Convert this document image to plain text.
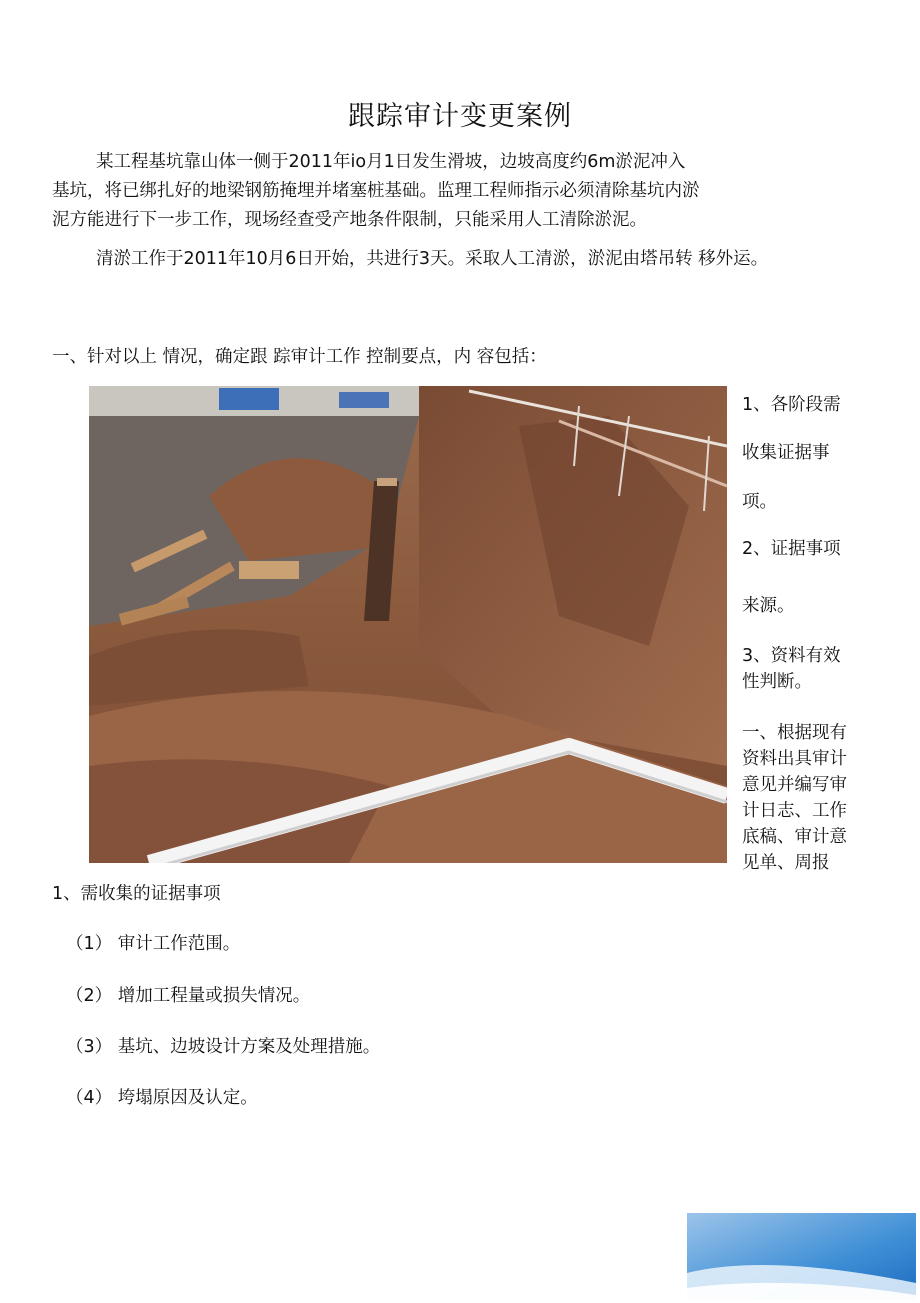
跟踪审计变更案例
某工程基坑靠山体一侧于2011年io月1日发生滑坡，边坡高度约6m淤泥冲入
基坑，将已绑扎好的地梁钢筋掩埋并堵塞桩基础。监理工程师指示必须清除基坑内淤
泥方能进行下一步工作，现场经查受产地条件限制，只能采用人工清除淤泥。
清淤工作于2011年10月6日开始，共进行3天。采取人工清淤，淤泥由塔吊转 移外运。
一、针对以上 情况，确定跟 踪审计工作 控制要点，内 容包括：
1、各阶段需
收集证据事
项。
2、证据事项
来源。
3、资料有效
性判断。
一、根据现有
资料出具审计
意见并编写审
计日志、工作
底稿、审计意
见单、周报
1、需收集的证据事项
（1） 审计工作范围。
（2） 增加工程量或损失情况。
（3） 基坑、边坡设计方案及处理措施。
（4） 垮塌原因及认定。
